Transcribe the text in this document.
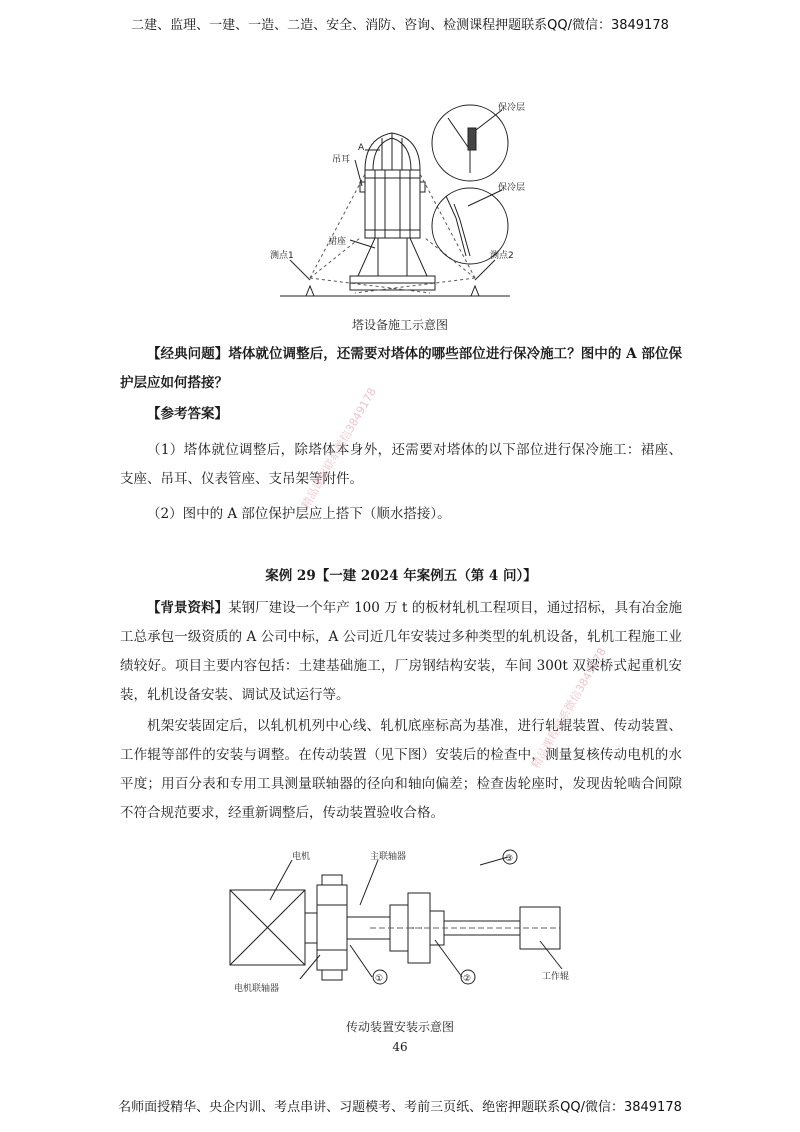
二建、监理、一建、一造、二造、安全、消防、咨询、检测课程押题联系QQ/微信：3849178
A
吊耳
裙座
测点1	测点2
保冷层
保冷层
塔设备施工示意图
【经典问题】塔体就位调整后，还需要对塔体的哪些部位进行保冷施工？图中的 A 部位保护层应如何搭接？
【参考答案】
（1）塔体就位调整后，除塔体本身外，还需要对塔体的以下部位进行保冷施工：裙座、支座、吊耳、仪表管座、支吊架等附件。
（2）图中的 A 部位保护层应上搭下（顺水搭接）。
案例 29【一建 2024 年案例五（第 4 问）】
【背景资料】某钢厂建设一个年产 100 万 t 的板材轧机工程项目，通过招标，具有冶金施工总承包一级资质的 A 公司中标，A 公司近几年安装过多种类型的轧机设备，轧机工程施工业绩较好。项目主要内容包括：土建基础施工，厂房钢结构安装，车间 300t 双梁桥式起重机安装，轧机设备安装、调试及试运行等。
机架安装固定后，以轧机机列中心线、轧机底座标高为基准，进行轧辊装置、传动装置、工作辊等部件的安装与调整。在传动装置（见下图）安装后的检查中，测量复核传动电机的水平度；用百分表和专用工具测量联轴器的径向和轴向偏差；检查齿轮座时，发现齿轮啮合间隙不符合规范要求，经重新调整后，传动装置验收合格。
电机	主联轴器	③
①	②
电机联轴器
工作辊
传动装置安装示意图
46
精品课程联系微信3849178
精品课程联系微信3849178
名师面授精华、央企内训、考点串讲、习题模考、考前三页纸、绝密押题联系QQ/微信：3849178
